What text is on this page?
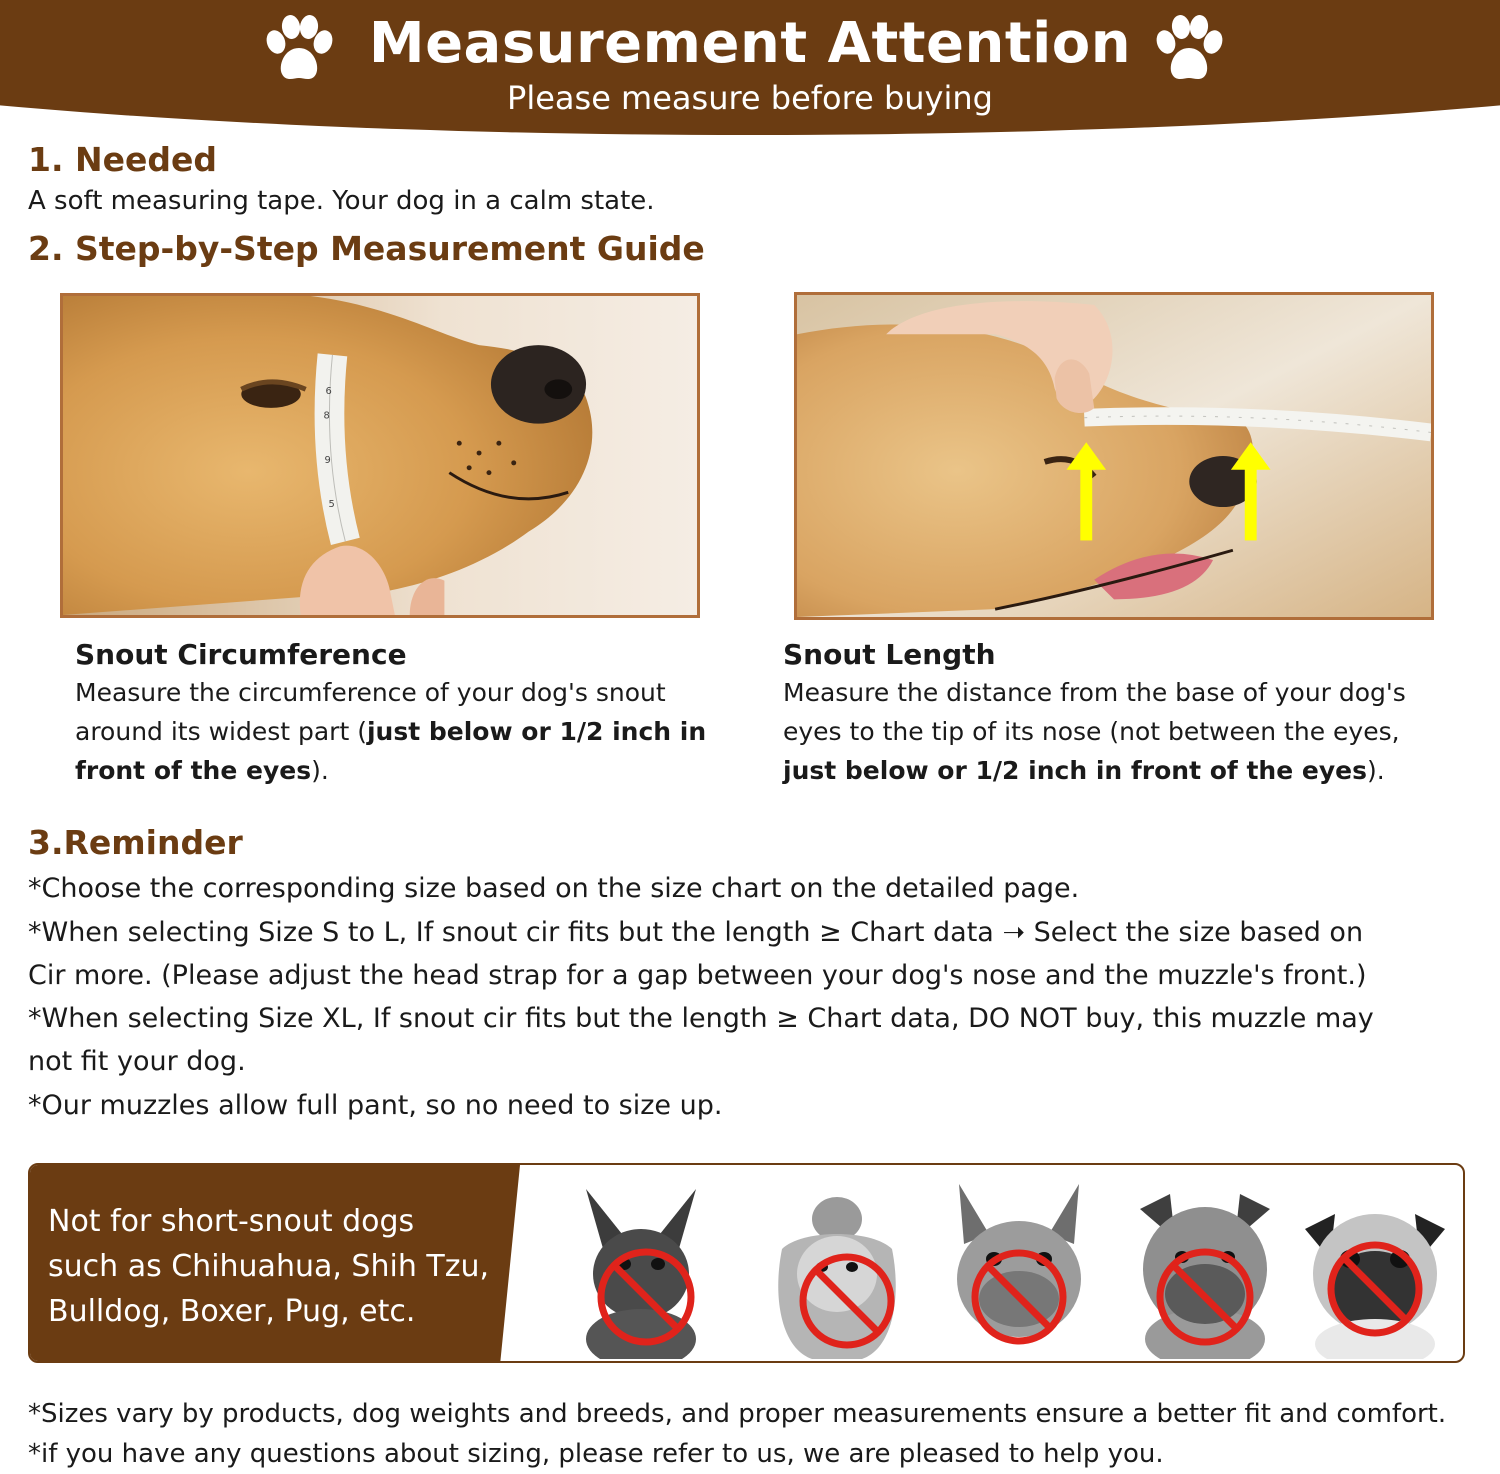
Measurement Attention
Please measure before buying
1. Needed
A soft measuring tape. Your dog in a calm state.
2. Step-by-Step Measurement Guide
6
8
9
5
Snout Circumference
Measure the circumference of your dog's snout
around its widest part (just below or 1/2 inch in
front of the eyes).
Snout Length
Measure the distance from the base of your dog's
eyes to the tip of its nose (not between the eyes,
just below or 1/2 inch in front of the eyes).
3.Reminder
*Choose the corresponding size based on the size chart on the detailed page.
*When selecting Size S to L, If snout cir fits but the length ≥ Chart data ➝ Select the size based on
Cir more. (Please adjust the head strap for a gap between your dog's nose and the muzzle's front.)
*When selecting Size XL, If snout cir fits but the length ≥ Chart data, DO NOT buy, this muzzle may
not fit your dog.
*Our muzzles allow full pant, so no need to size up.
Not for short-snout dogs
such as Chihuahua, Shih Tzu,
Bulldog, Boxer, Pug, etc.
*Sizes vary by products, dog weights and breeds, and proper measurements ensure a better fit and comfort.
*if you have any questions about sizing, please refer to us, we are pleased to help you.
